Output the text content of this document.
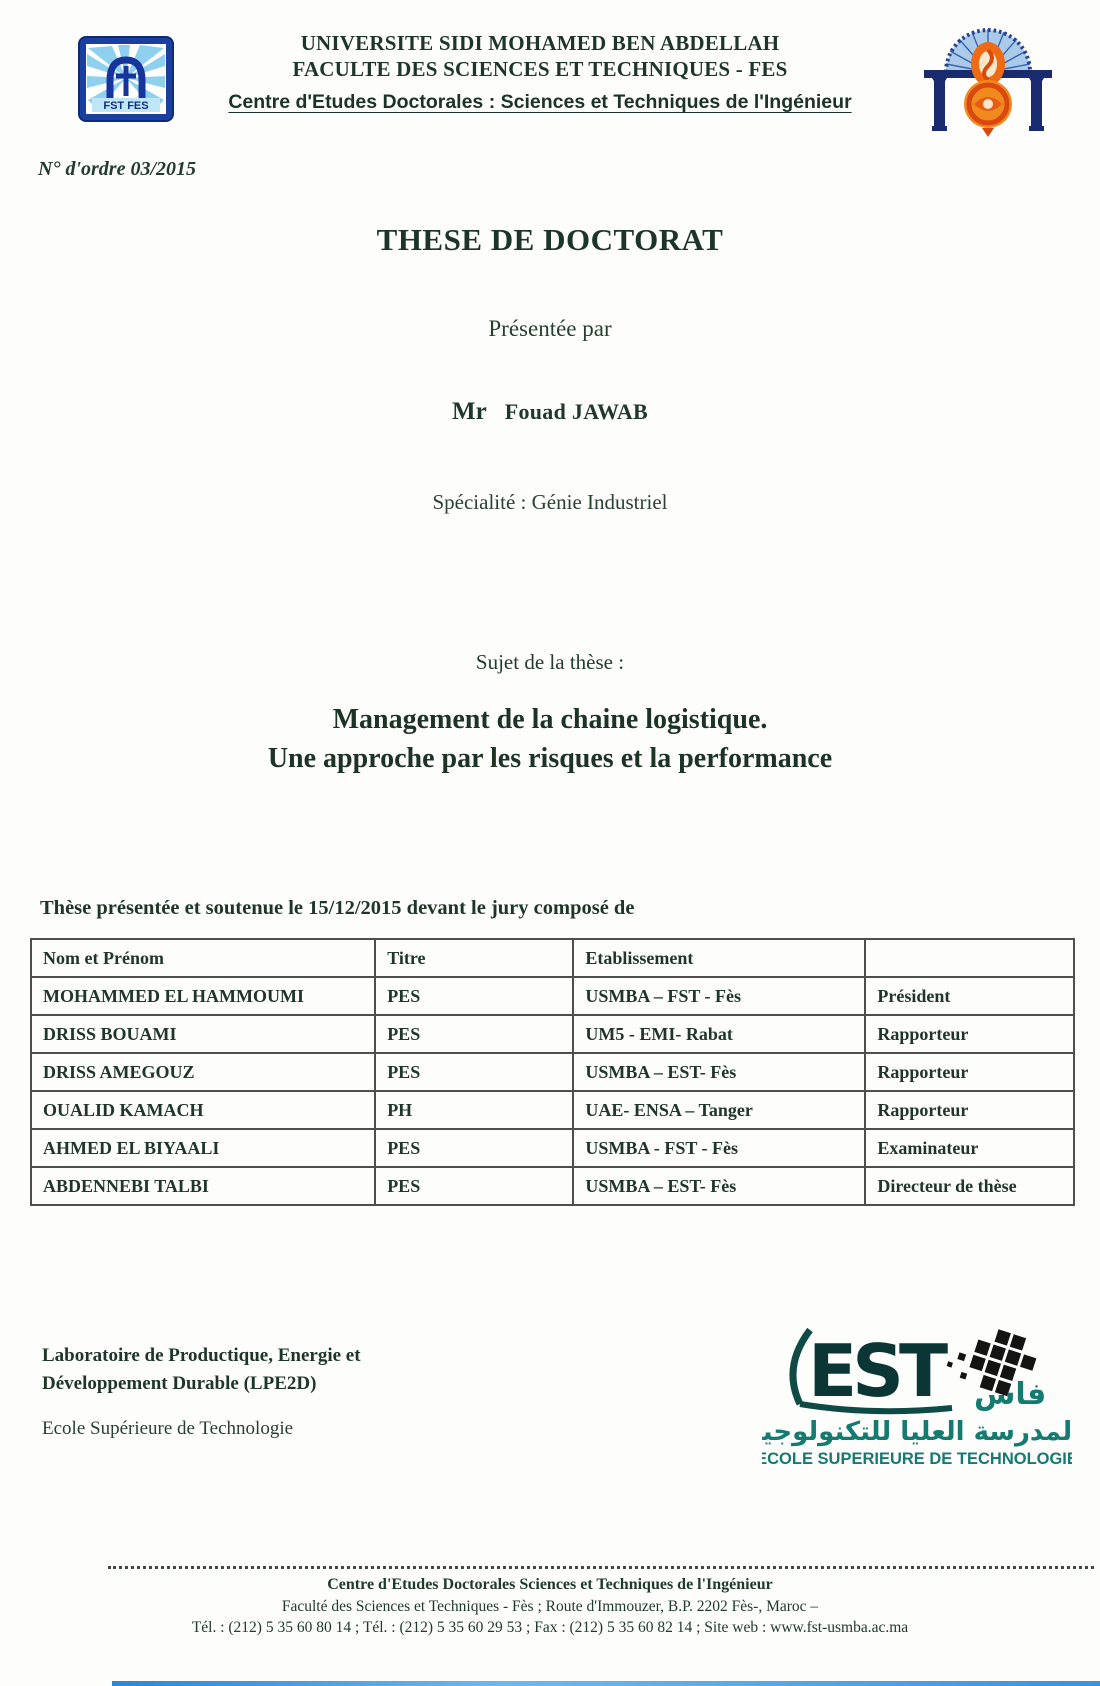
FST FES
UNIVERSITE SIDI MOHAMED BEN ABDELLAH
FACULTE DES SCIENCES ET TECHNIQUES - FES
Centre d'Etudes Doctorales : Sciences et Techniques de l'Ingénieur
N° d'ordre 03/2015
THESE DE DOCTORAT
Présentée par
Mr Fouad JAWAB
Spécialité : Génie Industriel
Sujet de la thèse :
Management de la chaine logistique.
Une approche par les risques et la performance
Thèse présentée et soutenue le 15/12/2015 devant le jury composé de
Nom et Prénom	Titre	Etablissement	
MOHAMMED EL HAMMOUMI	PES	USMBA – FST - Fès	Président
DRISS BOUAMI	PES	UM5 - EMI- Rabat	Rapporteur
DRISS AMEGOUZ	PES	USMBA – EST- Fès	Rapporteur
OUALID KAMACH	PH	UAE- ENSA – Tanger	Rapporteur
AHMED EL BIYAALI	PES	USMBA - FST - Fès	Examinateur
ABDENNEBI TALBI	PES	USMBA – EST- Fès	Directeur de thèse
Laboratoire de Productique, Energie et
Développement Durable (LPE2D)
Ecole Supérieure de Technologie
EST فاس
المدرسة العليا للتكنولوجيا
ECOLE SUPERIEURE DE TECHNOLOGIE
Centre d'Etudes Doctorales Sciences et Techniques de l'Ingénieur
Faculté des Sciences et Techniques - Fès ; Route d'Immouzer, B.P. 2202 Fès-, Maroc –
Tél. : (212) 5 35 60 80 14 ; Tél. : (212) 5 35 60 29 53 ; Fax : (212) 5 35 60 82 14 ; Site web : www.fst-usmba.ac.ma
